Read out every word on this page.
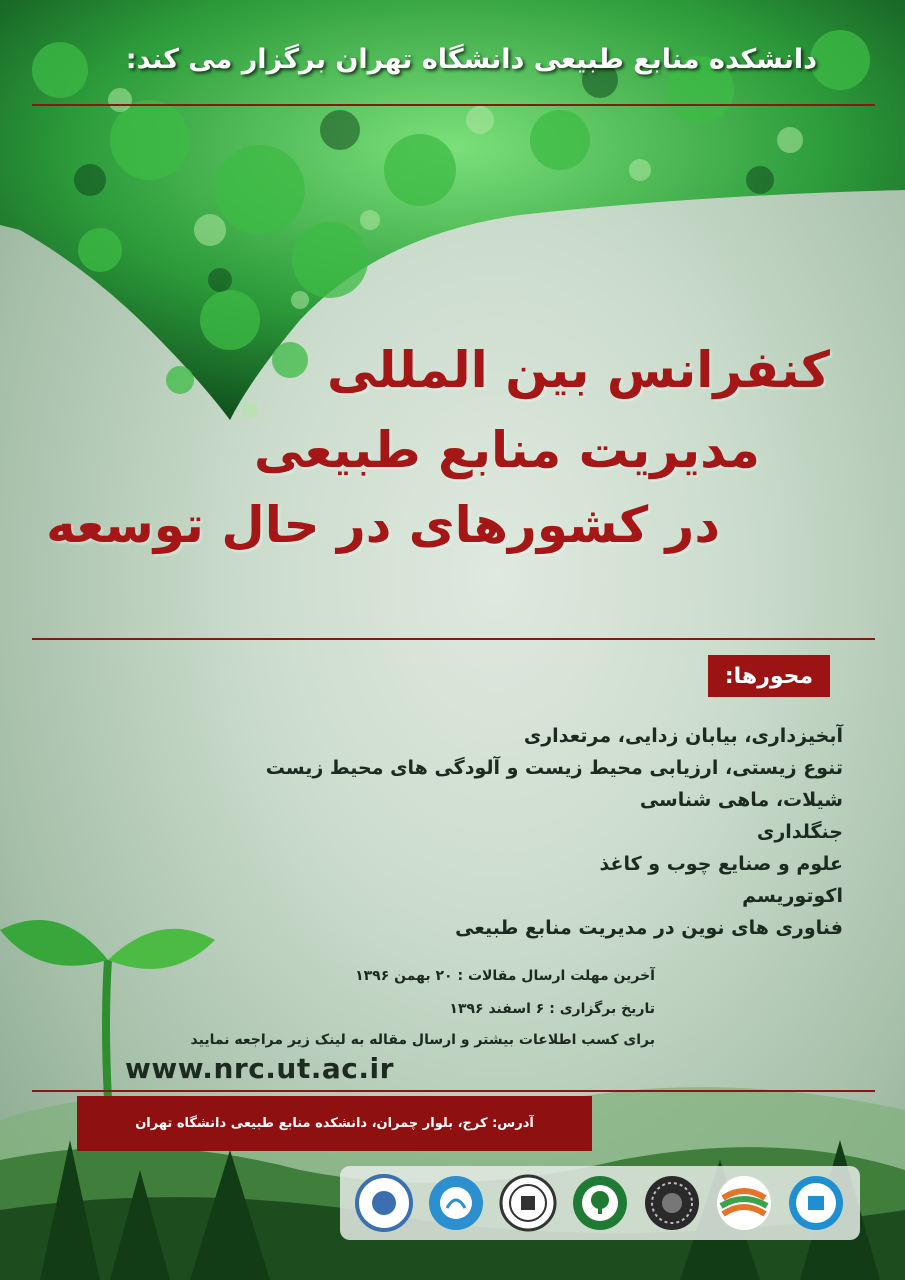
دانشکده منابع طبیعی دانشگاه تهران برگزار می کند:
کنفرانس بین المللی
مدیریت منابع طبیعی
در کشورهای در حال توسعه
محورها:
آبخیزداری، بیابان زدایی، مرتعداری
تنوع زیستی، ارزیابی محیط زیست و آلودگی های محیط زیست
شیلات، ماهی شناسی
جنگلداری
علوم و صنایع چوب و کاغذ
اکوتوریسم
فناوری های نوین در مدیریت منابع طبیعی
آخرین مهلت ارسال مقالات : ۲۰ بهمن ۱۳۹۶
تاریخ برگزاری : ۶ اسفند ۱۳۹۶
برای کسب اطلاعات بیشتر و ارسال مقاله به لینک زیر مراجعه نمایید
www.nrc.ut.ac.ir
آدرس: کرج، بلوار چمران، دانشکده منابع طبیعی دانشگاه تهران
